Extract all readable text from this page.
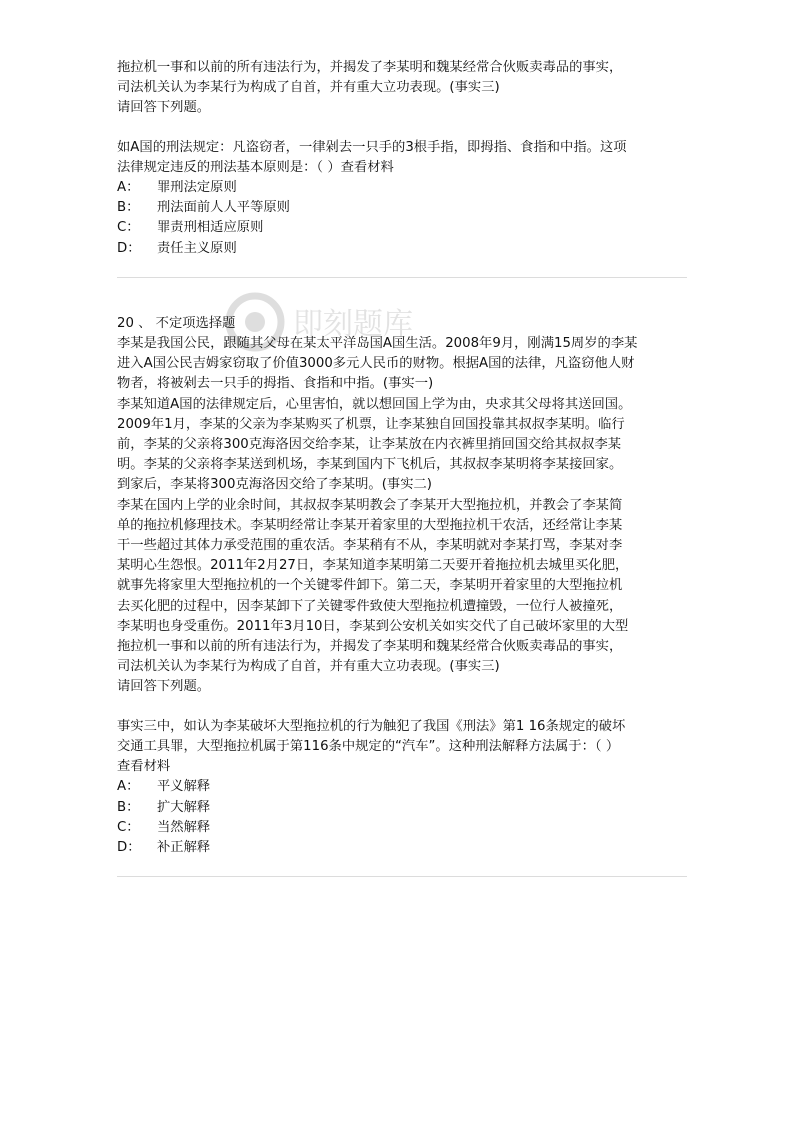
即刻题库

拖拉机一事和以前的所有违法行为，并揭发了李某明和魏某经常合伙贩卖毒品的事实，

司法机关认为李某行为构成了自首，并有重大立功表现。(事实三)

请回答下列题。

如A国的刑法规定：凡盗窃者，一律剁去一只手的3根手指，即拇指、食指和中指。这项

法律规定违反的刑法基本原则是：（ ）查看材料

A： 罪刑法定原则

B： 刑法面前人人平等原则

C： 罪责刑相适应原则

D： 责任主义原则

20 、 不定项选择题

李某是我国公民，跟随其父母在某太平洋岛国A国生活。2008年9月，刚满15周岁的李某

进入A国公民吉姆家窃取了价值3000多元人民币的财物。根据A国的法律，凡盗窃他人财

物者，将被剁去一只手的拇指、食指和中指。(事实一)

李某知道A国的法律规定后，心里害怕，就以想回国上学为由，央求其父母将其送回国。

2009年1月，李某的父亲为李某购买了机票，让李某独自回国投靠其叔叔李某明。临行

前，李某的父亲将300克海洛因交给李某，让李某放在内衣裤里捎回国交给其叔叔李某

明。李某的父亲将李某送到机场，李某到国内下飞机后，其叔叔李某明将李某接回家。

到家后，李某将300克海洛因交给了李某明。(事实二)

李某在国内上学的业余时间，其叔叔李某明教会了李某开大型拖拉机，并教会了李某简

单的拖拉机修理技术。李某明经常让李某开着家里的大型拖拉机干农活，还经常让李某

干一些超过其体力承受范围的重农活。李某稍有不从，李某明就对李某打骂，李某对李

某明心生怨恨。2011年2月27日，李某知道李某明第二天要开着拖拉机去城里买化肥，

就事先将家里大型拖拉机的一个关键零件卸下。第二天，李某明开着家里的大型拖拉机

去买化肥的过程中，因李某卸下了关键零件致使大型拖拉机遭撞毁，一位行人被撞死，

李某明也身受重伤。2011年3月10日，李某到公安机关如实交代了自己破坏家里的大型

拖拉机一事和以前的所有违法行为，并揭发了李某明和魏某经常合伙贩卖毒品的事实，

司法机关认为李某行为构成了自首，并有重大立功表现。(事实三)

请回答下列题。

事实三中，如认为李某破坏大型拖拉机的行为触犯了我国《刑法》第1 16条规定的破坏

交通工具罪，大型拖拉机属于第116条中规定的“汽车”。这种刑法解释方法属于：（ ）

查看材料

A： 平义解释

B： 扩大解释

C： 当然解释

D： 补正解释
